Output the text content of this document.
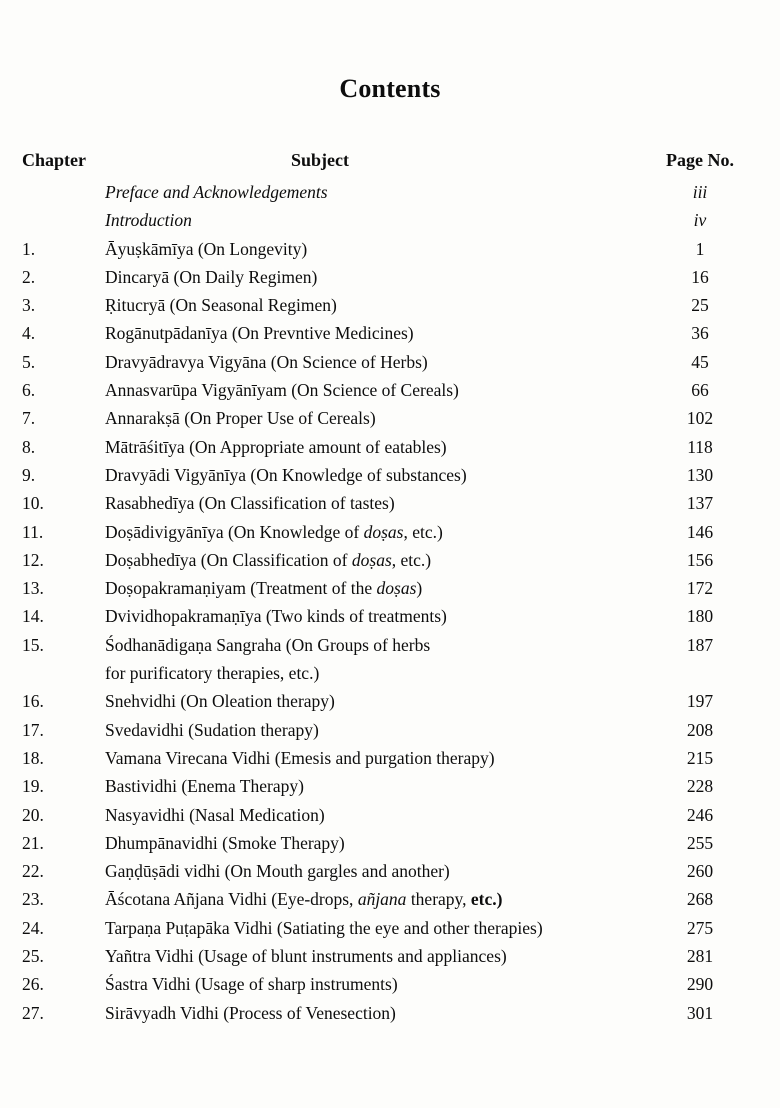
Contents
Chapter	Subject	Page No.
Preface and Acknowledgements	iii
Introduction	iv
1.	Āyuṣkāmīya (On Longevity)	1
2.	Dincaryā (On Daily Regimen)	16
3.	Ṛitucryā (On Seasonal Regimen)	25
4.	Rogānutpādanīya (On Prevntive Medicines)	36
5.	Dravyādravya Vigyāna (On Science of Herbs)	45
6.	Annasvarūpa Vigyānīyam (On Science of Cereals)	66
7.	Annarakṣā (On Proper Use of Cereals)	102
8.	Mātrāśitīya (On Appropriate amount of eatables)	118
9.	Dravyādi Vigyānīya (On Knowledge of substances)	130
10.	Rasabhedīya (On Classification of tastes)	137
11.	Doṣādivigyānīya (On Knowledge of doṣas, etc.)	146
12.	Doṣabhedīya (On Classification of doṣas, etc.)	156
13.	Doṣopakramaṇiyam (Treatment of the doṣas)	172
14.	Dvividhopakramaṇīya (Two kinds of treatments)	180
15.	Śodhanādigaṇa Sangraha (On Groups of herbs	187
for purificatory therapies, etc.)
16.	Snehvidhi (On Oleation therapy)	197
17.	Svedavidhi (Sudation therapy)	208
18.	Vamana Virecana Vidhi (Emesis and purgation therapy)	215
19.	Bastividhi (Enema Therapy)	228
20.	Nasyavidhi (Nasal Medication)	246
21.	Dhumpānavidhi (Smoke Therapy)	255
22.	Gaṇḍūṣādi vidhi (On Mouth gargles and another)	260
23.	Āścotana Añjana Vidhi (Eye-drops, añjana therapy, etc.)	268
24.	Tarpaṇa Puṭapāka Vidhi (Satiating the eye and other therapies)	275
25.	Yañtra Vidhi (Usage of blunt instruments and appliances)	281
26.	Śastra Vidhi (Usage of sharp instruments)	290
27.	Sirāvyadh Vidhi (Process of Venesection)	301
